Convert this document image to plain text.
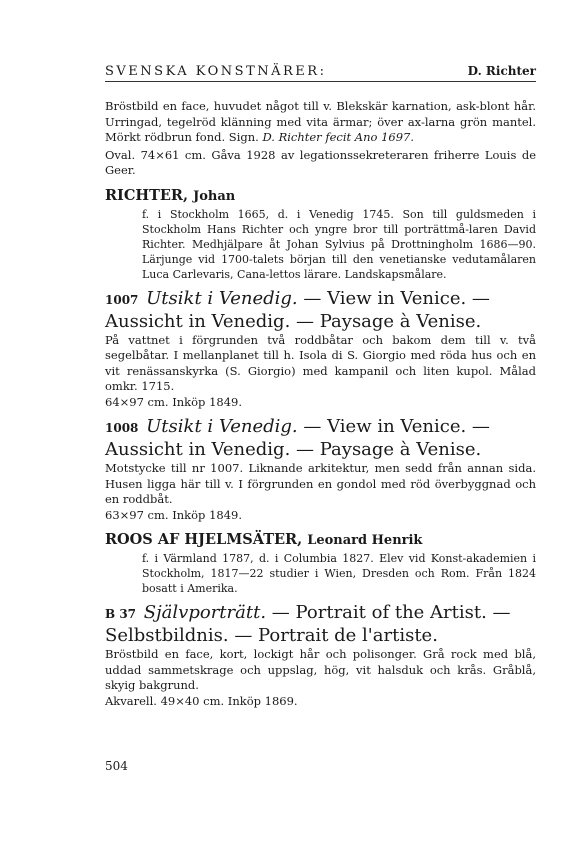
SVENSKA KONSTNÄRER:	D. Richter

Bröstbild en face, huvudet något till v. Blekskär karnation, ask-blont hår. Urringad, tegelröd klänning med vita ärmar; över ax-larna grön mantel. Mörkt rödbrun fond. Sign. D. Richter fecit Ano 1697.

Oval. 74×61 cm. Gåva 1928 av legationssekreteraren friherre Louis de Geer.

RICHTER, Johan

f. i Stockholm 1665, d. i Venedig 1745. Son till guldsmeden i Stockholm Hans Richter och yngre bror till porträttmå-laren David Richter. Medhjälpare åt Johan Sylvius på Drottningholm 1686—90. Lärjunge vid 1700-talets början till den venetianske vedutamålaren Luca Carlevaris, Cana-lettos lärare. Landskapsmålare.

1007 Utsikt i Venedig. — View in Venice. — Aussicht in Venedig. — Paysage à Venise.

På vattnet i förgrunden två roddbåtar och bakom dem till v. två segelbåtar. I mellanplanet till h. Isola di S. Giorgio med röda hus och en vit renässanskyrka (S. Giorgio) med kampanil och liten kupol. Målad omkr. 1715.

64×97 cm. Inköp 1849.

1008 Utsikt i Venedig. — View in Venice. — Aussicht in Venedig. — Paysage à Venise.

Motstycke till nr 1007. Liknande arkitektur, men sedd från annan sida. Husen ligga här till v. I förgrunden en gondol med röd överbyggnad och en roddbåt.

63×97 cm. Inköp 1849.

ROOS AF HJELMSÄTER, Leonard Henrik

f. i Värmland 1787, d. i Columbia 1827. Elev vid Konst-akademien i Stockholm, 1817—22 studier i Wien, Dresden och Rom. Från 1824 bosatt i Amerika.

B 37 Självporträtt. — Portrait of the Artist. — Selbstbildnis. — Portrait de l'artiste.

Bröstbild en face, kort, lockigt hår och polisonger. Grå rock med blå, uddad sammetskrage och uppslag, hög, vit halsduk och krås. Gråblå, skyig bakgrund.

Akvarell. 49×40 cm. Inköp 1869.

504
